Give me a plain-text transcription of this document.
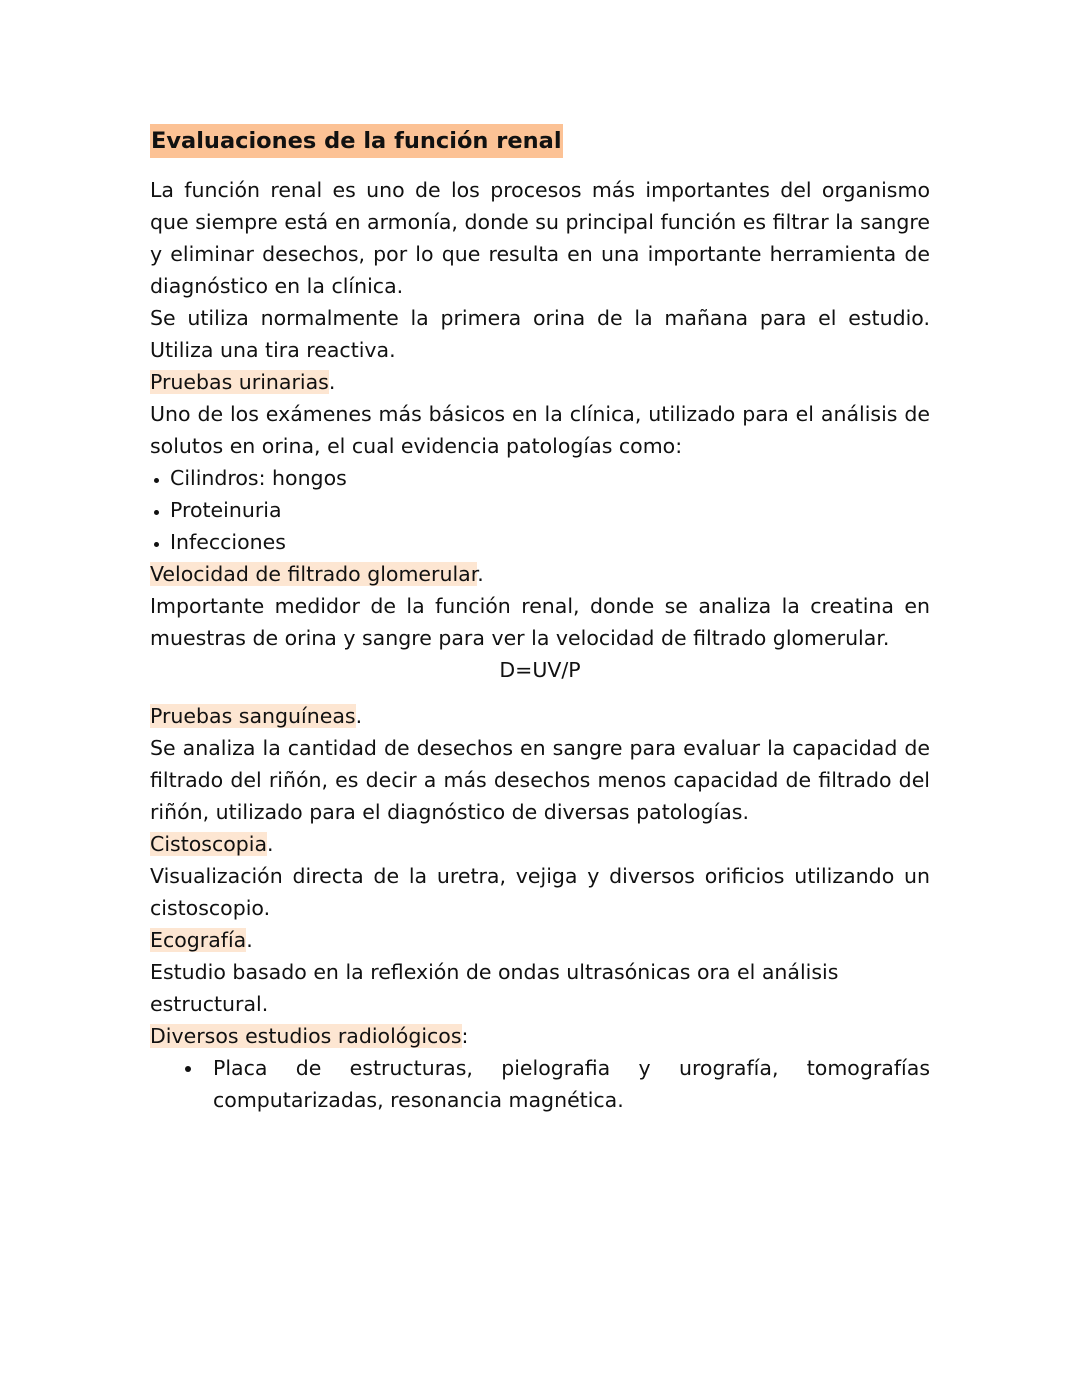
Evaluaciones de la función renal

La función renal es uno de los procesos más importantes del organismo que siempre está en armonía, donde su principal función es filtrar la sangre y eliminar desechos, por lo que resulta en una importante herramienta de diagnóstico en la clínica.

Se utiliza normalmente la primera orina de la mañana para el estudio. Utiliza una tira reactiva.

Pruebas urinarias.

Uno de los exámenes más básicos en la clínica, utilizado para el análisis de solutos en orina, el cual evidencia patologías como:

Cilindros: hongos
Proteinuria
Infecciones

Velocidad de filtrado glomerular.

Importante medidor de la función renal, donde se analiza la creatina en muestras de orina y sangre para ver la velocidad de filtrado glomerular.

D=UV/P

Pruebas sanguíneas.

Se analiza la cantidad de desechos en sangre para evaluar la capacidad de filtrado del riñón, es decir a más desechos menos capacidad de filtrado del riñón, utilizado para el diagnóstico de diversas patologías.

Cistoscopia.

Visualización directa de la uretra, vejiga y diversos orificios utilizando un cistoscopio.

Ecografía.

Estudio basado en la reflexión de ondas ultrasónicas ora el análisis estructural.

Diversos estudios radiológicos:

Placa de estructuras, pielografia y urografía, tomografías computarizadas, resonancia magnética.
